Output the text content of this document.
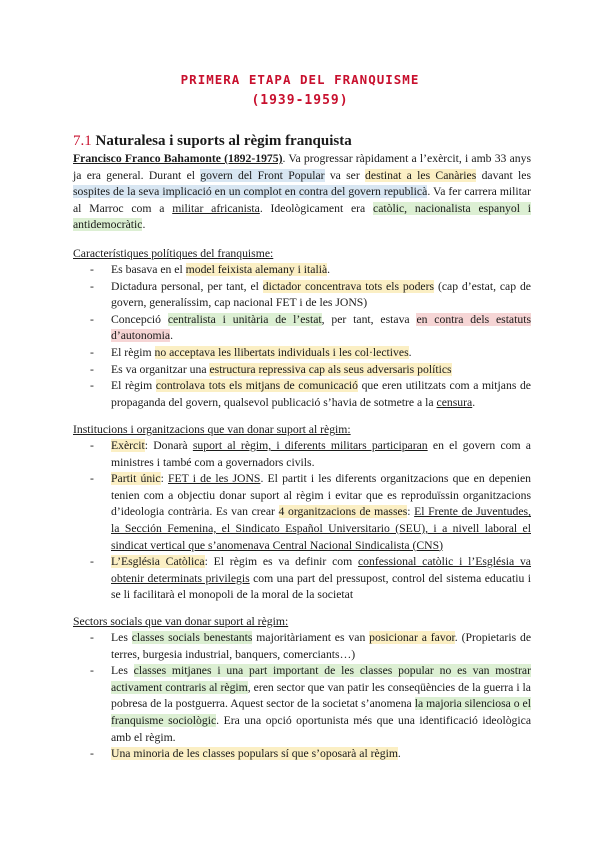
PRIMERA ETAPA DEL FRANQUISME
(1939-1959)
7.1 Naturalesa i suports al règim franquista

Francisco Franco Bahamonte (1892-1975). Va progressar ràpidament a l’exèrcit, i amb 33 anys ja era general. Durant el govern del Front Popular va ser destinat a les Canàries davant les sospites de la seva implicació en un complot en contra del govern republicà. Va fer carrera militar al Marroc com a militar africanista. Ideològicament era catòlic, nacionalista espanyol i antidemocràtic.

Característiques polítiques del franquisme:
- Es basava en el model feixista alemany i italià.
- Dictadura personal, per tant, el dictador concentrava tots els poders (cap d’estat, cap de govern, generalíssim, cap nacional FET i de les JONS)
- Concepció centralista i unitària de l’estat, per tant, estava en contra dels estatuts d’autonomia.
- El règim no acceptava les llibertats individuals i les col·lectives.
- Es va organitzar una estructura repressiva cap als seus adversaris polítics
- El règim controlava tots els mitjans de comunicació que eren utilitzats com a mitjans de propaganda del govern, qualsevol publicació s’havia de sotmetre a la censura.
Institucions i organitzacions que van donar suport al règim:
- Exèrcit: Donarà suport al règim, i diferents militars participaran en el govern com a ministres i també com a governadors civils.
- Partit únic: FET i de les JONS. El partit i les diferents organitzacions que en depenien tenien com a objectiu donar suport al règim i evitar que es reproduïssin organitzacions d’ideologia contrària. Es van crear 4 organitzacions de masses: El Frente de Juventudes, la Sección Femenina, el Sindicato Español Universitario (SEU), i a nivell laboral el sindicat vertical que s’anomenava Central Nacional Sindicalista (CNS)
- L’Església Catòlica: El règim es va definir com confessional catòlic i l’Església va obtenir determinats privilegis com una part del pressupost, control del sistema educatiu i se li facilitarà el monopoli de la moral de la societat
Sectors socials que van donar suport al règim:
- Les classes socials benestants majoritàriament es van posicionar a favor. (Propietaris de terres, burgesia industrial, banquers, comerciants…)
- Les classes mitjanes i una part important de les classes popular no es van mostrar activament contraris al règim, eren sector que van patir les conseqüències de la guerra i la pobresa de la postguerra. Aquest sector de la societat s’anomena la majoria silenciosa o el franquisme sociològic. Era una opció oportunista més que una identificació ideològica amb el règim.
- Una minoria de les classes populars sí que s’oposarà al règim.
